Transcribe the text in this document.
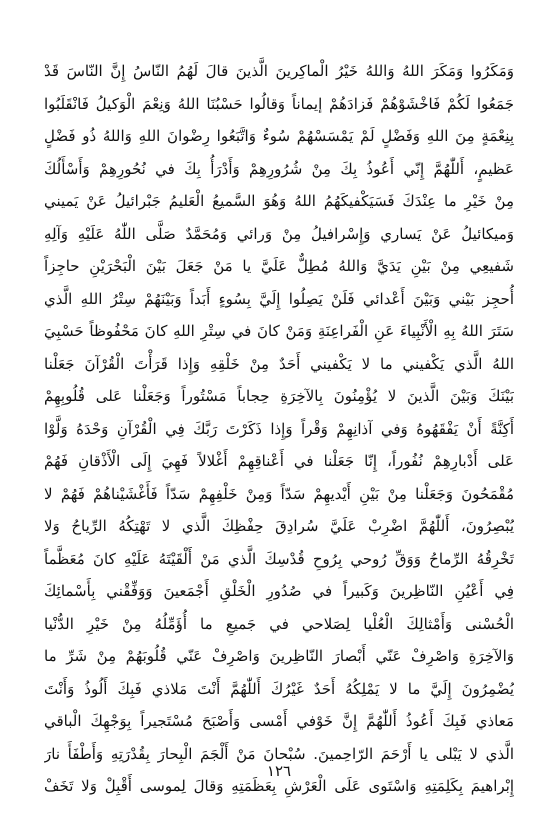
وَمَكَرُوا وَمَكَرَ اللهُ وَاللهُ خَيْرُ الْماكِرينَ الَّذينَ قالَ لَهُمُ النّاسُ إِنَّ النّاسَ قَدْ
جَمَعُوا لَكُمْ فَاخْشَوْهُمْ فَزادَهُمْ إيماناً وَقالُوا حَسْبُنَا اللهُ وَنِعْمَ الْوَكيلُ فَانْقَلَبُوا
بِنِعْمَةٍ مِنَ اللهِ وَفَضْلٍ لَمْ يَمْسَسْهُمْ سُوءٌ وَاتَّبَعُوا رِضْوانَ اللهِ وَاللهُ ذُو فَضْلٍ
عَظيمٍ، أَللّٰهُمَّ إِنّي أَعُوذُ بِكَ مِنْ شُرُورِهِمْ وَأَدْرَأُ بِكَ في نُحُورِهِمْ وَأَسْأَلُكَ
مِنْ خَيْرِ ما عِنْدَكَ فَسَيَكْفيكَهُمُ اللهُ وَهُوَ السَّميعُ الْعَليمُ جَبْرائيلُ عَنْ يَميني
وَميكائيلُ عَنْ يَساري وَإِسْرافيلُ مِنْ وَرائي وَمُحَمَّدٌ صَلَّى اللّٰهُ عَلَيْهِ وَآلِهِ
شَفيعِي مِنْ بَيْنِ يَدَيَّ وَاللهُ مُطِلٌّ عَلَيَّ يا مَنْ جَعَلَ بَيْنَ الْبَحْرَيْنِ حاجِزاً
أُحجِز بَيْني وَبَيْنَ أَعْدائي فَلَنْ يَصِلُوا إِلَيَّ بِسُوءٍ أَبَداً وَبَيْنَهُمْ سِتْرُ اللهِ الَّذي
سَتَرَ اللهُ بِهِ الْأَنْبِياءَ عَنِ الْفَراعِنَةِ وَمَنْ كانَ في سِتْرِ اللهِ كانَ مَحْفُوظاً حَسْبِيَ
اللهُ الَّذي يَكْفيني ما لا يَكْفيني أَحَدٌ مِنْ خَلْقِهِ وَإِذا قَرَأْتَ الْقُرْآنَ جَعَلْنا
بَيْنَكَ وَبَيْنَ الَّذينَ لا يُؤْمِنُونَ بِالآخِرَةِ حِجاباً مَسْتُوراً وَجَعَلْنا عَلى قُلُوبِهِمْ
أَكِنَّةً أَنْ يَفْقَهُوهُ وَفي آذانِهِمْ وَقْراً وَإِذا ذَكَرْتَ رَبَّكَ فِي الْقُرْآنِ وَحْدَهُ وَلَّوْا
عَلى أَدْبارِهِمْ نُفُوراً، إِنّا جَعَلْنا في أَعْناقِهِمْ أَغْلالاً فَهِيَ إِلَى الْأَذْقانِ فَهُمْ
مُقْمَحُونَ وَجَعَلْنا مِنْ بَيْنِ أَيْديهِمْ سَدّاً وَمِنْ خَلْفِهِمْ سَدّاً فَأَغْشَيْناهُمْ فَهُمْ لا
يُبْصِرُونَ، أَللّٰهُمَّ اضْرِبْ عَلَيَّ سُرادِقَ حِفْظِكَ الَّذي لا تَهْتِكُهُ الرِّياحُ وَلا
تَخْرِقُهُ الرِّماحُ وَوَقِّ رُوحي بِرُوحِ قُدْسِكَ الَّذي مَنْ أَلْقَيْتَهُ عَلَيْهِ كانَ مُعَظَّماً
فِي أَعْيُنِ النّاظِرينَ وَكَبيراً في صُدُورِ الْخَلْقِ أَجْمَعينَ وَوَفِّقْني بِأَسْمائِكَ
الْحُسْنى وَأَمْثالِكَ الْعُلْيا لِصَلاحي في جَميعِ ما أُؤَمِّلُهُ مِنْ خَيْرِ الدُّنْيا
وَالآخِرَةِ وَاصْرِفْ عَنّي أَبْصارَ النّاظِرينَ وَاصْرِفْ عَنّي قُلُوبَهُمْ مِنْ شَرِّ ما
يُضْمِرُونَ إِلَيَّ ما لا يَمْلِكُهُ أَحَدٌ غَيْرُكَ أَللّٰهُمَّ أَنْتَ مَلاذي فَبِكَ أَلُوذُ وَأَنْتَ
مَعاذي فَبِكَ أَعُوذُ أَللّٰهُمَّ إِنَّ خَوْفي أَمْسى وَأَصْبَحَ مُسْتَجيراً بِوَجْهِكَ الْباقي
الَّذي لا يَبْلى يا أَرْحَمَ الرّاحِمينَ. سُبْحانَ مَنْ أَلْجَمَ الْبِحارَ بِقُدْرَتِهِ وَأَطْفَأَ نارَ
إِبْراهيمَ بِكَلِمَتِهِ وَاسْتَوى عَلَى الْعَرْشِ بِعَظَمَتِهِ وَقالَ لِموسى أَقْبِلْ وَلا تَخَفْ
١٢٦
